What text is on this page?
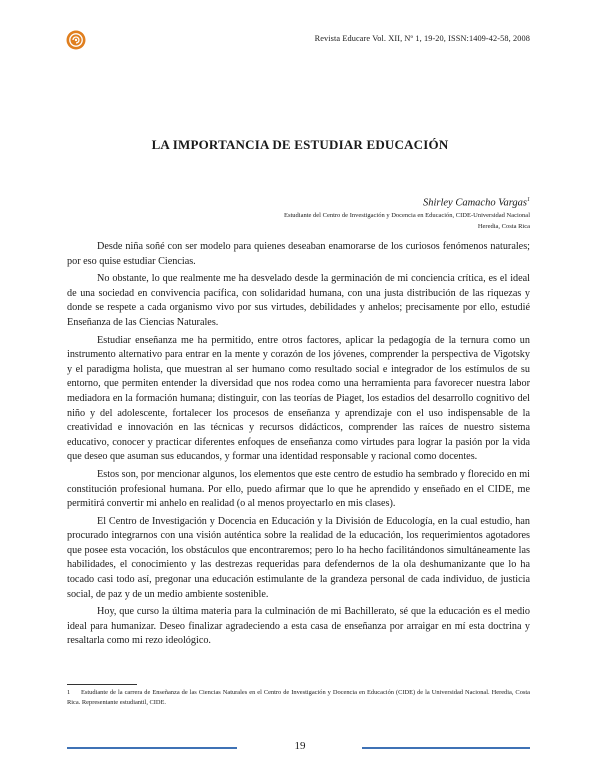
Revista Educare Vol. XII, Nº 1, 19-20, ISSN:1409-42-58, 2008
LA IMPORTANCIA DE ESTUDIAR EDUCACIÓN
Shirley Camacho Vargas$^1$
Estudiante del Centro de Investigación y Docencia en Educación, CIDE-Universidad Nacional
Heredia, Costa Rica

Desde niña soñé con ser modelo para quienes deseaban enamorarse de los curiosos fenómenos naturales; por eso quise estudiar Ciencias.

No obstante, lo que realmente me ha desvelado desde la germinación de mi conciencia crítica, es el ideal de una sociedad en convivencia pacífica, con solidaridad humana, con una justa distribución de las riquezas y donde se respete a cada organismo vivo por sus virtudes, debilidades y anhelos; precisamente por ello, estudié Enseñanza de las Ciencias Naturales.

Estudiar enseñanza me ha permitido, entre otros factores, aplicar la pedagogía de la ternura como un instrumento alternativo para entrar en la mente y corazón de los jóvenes, comprender la perspectiva de Vigotsky y el paradigma holista, que muestran al ser humano como resultado social e integrador de los estímulos de su entorno, que permiten entender la diversidad que nos rodea como una herramienta para favorecer nuestra labor mediadora en la formación humana; distinguir, con las teorías de Piaget, los estadios del desarrollo cognitivo del niño y del adolescente, fortalecer los procesos de enseñanza y aprendizaje con el uso indispensable de la creatividad e innovación en las técnicas y recursos didácticos, comprender las raíces de nuestro sistema educativo, conocer y practicar diferentes enfoques de enseñanza como virtudes para lograr la pasión por la vida que deseo que asuman sus educandos, y formar una identidad responsable y racional como docentes.

Estos son, por mencionar algunos, los elementos que este centro de estudio ha sembrado y florecido en mi constitución profesional humana. Por ello, puedo afirmar que lo que he aprendido y enseñado en el CIDE, me permitirá convertir mi anhelo en realidad (o al menos proyectarlo en mis clases).

El Centro de Investigación y Docencia en Educación y la División de Educología, en la cual estudio, han procurado integrarnos con una visión auténtica sobre la realidad de la educación, los requerimientos agotadores que posee esta vocación, los obstáculos que encontraremos; pero lo ha hecho facilitándonos simultáneamente las habilidades, el conocimiento y las destrezas requeridas para defendernos de la ola deshumanizante que lo ha tocado casi todo así, pregonar una educación estimulante de la grandeza personal de cada individuo, de justicia social, de paz y de un medio ambiente sostenible.

Hoy, que curso la última materia para la culminación de mi Bachillerato, sé que la educación es el medio ideal para humanizar. Deseo finalizar agradeciendo a esta casa de enseñanza por arraigar en mí esta doctrina y resaltarla como mi rezo ideológico.

1 Estudiante de la carrera de Enseñanza de las Ciencias Naturales en el Centro de Investigación y Docencia en Educación (CIDE) de la Universidad Nacional. Heredia, Costa Rica. Representante estudiantil, CIDE.
19
